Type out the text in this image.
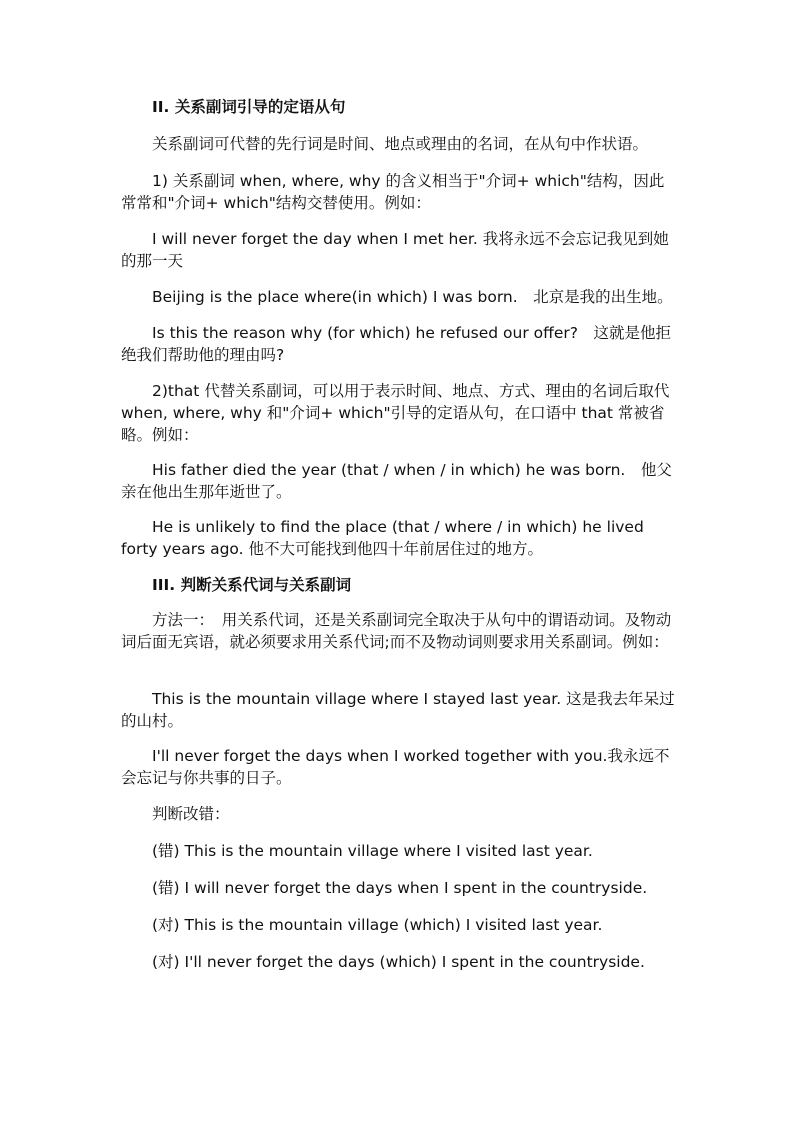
II. 关系副词引导的定语从句

关系副词可代替的先行词是时间、地点或理由的名词，在从句中作状语。

1) 关系副词 when, where, why 的含义相当于"介词+ which"结构，因此常常和"介词+ which"结构交替使用。例如：

I will never forget the day when I met her. 我将永远不会忘记我见到她的那一天

Beijing is the place where(in which) I was born.　北京是我的出生地。

Is this the reason why (for which) he refused our offer?　这就是他拒绝我们帮助他的理由吗?

2)that 代替关系副词，可以用于表示时间、地点、方式、理由的名词后取代 when, where, why 和"介词+ which"引导的定语从句，在口语中 that 常被省略。例如：

His father died the year (that / when / in which) he was born.　他父亲在他出生那年逝世了。

He is unlikely to find the place (that / where / in which) he lived forty years ago. 他不大可能找到他四十年前居住过的地方。

III. 判断关系代词与关系副词

方法一：　用关系代词，还是关系副词完全取决于从句中的谓语动词。及物动词后面无宾语，就必须要求用关系代词;而不及物动词则要求用关系副词。例如：

This is the mountain village where I stayed last year. 这是我去年呆过的山村。

I'll never forget the days when I worked together with you.我永远不会忘记与你共事的日子。

判断改错：

(错) This is the mountain village where I visited last year.

(错) I will never forget the days when I spent in the countryside.

(对) This is the mountain village (which) I visited last year.

(对) I'll never forget the days (which) I spent in the countryside.
